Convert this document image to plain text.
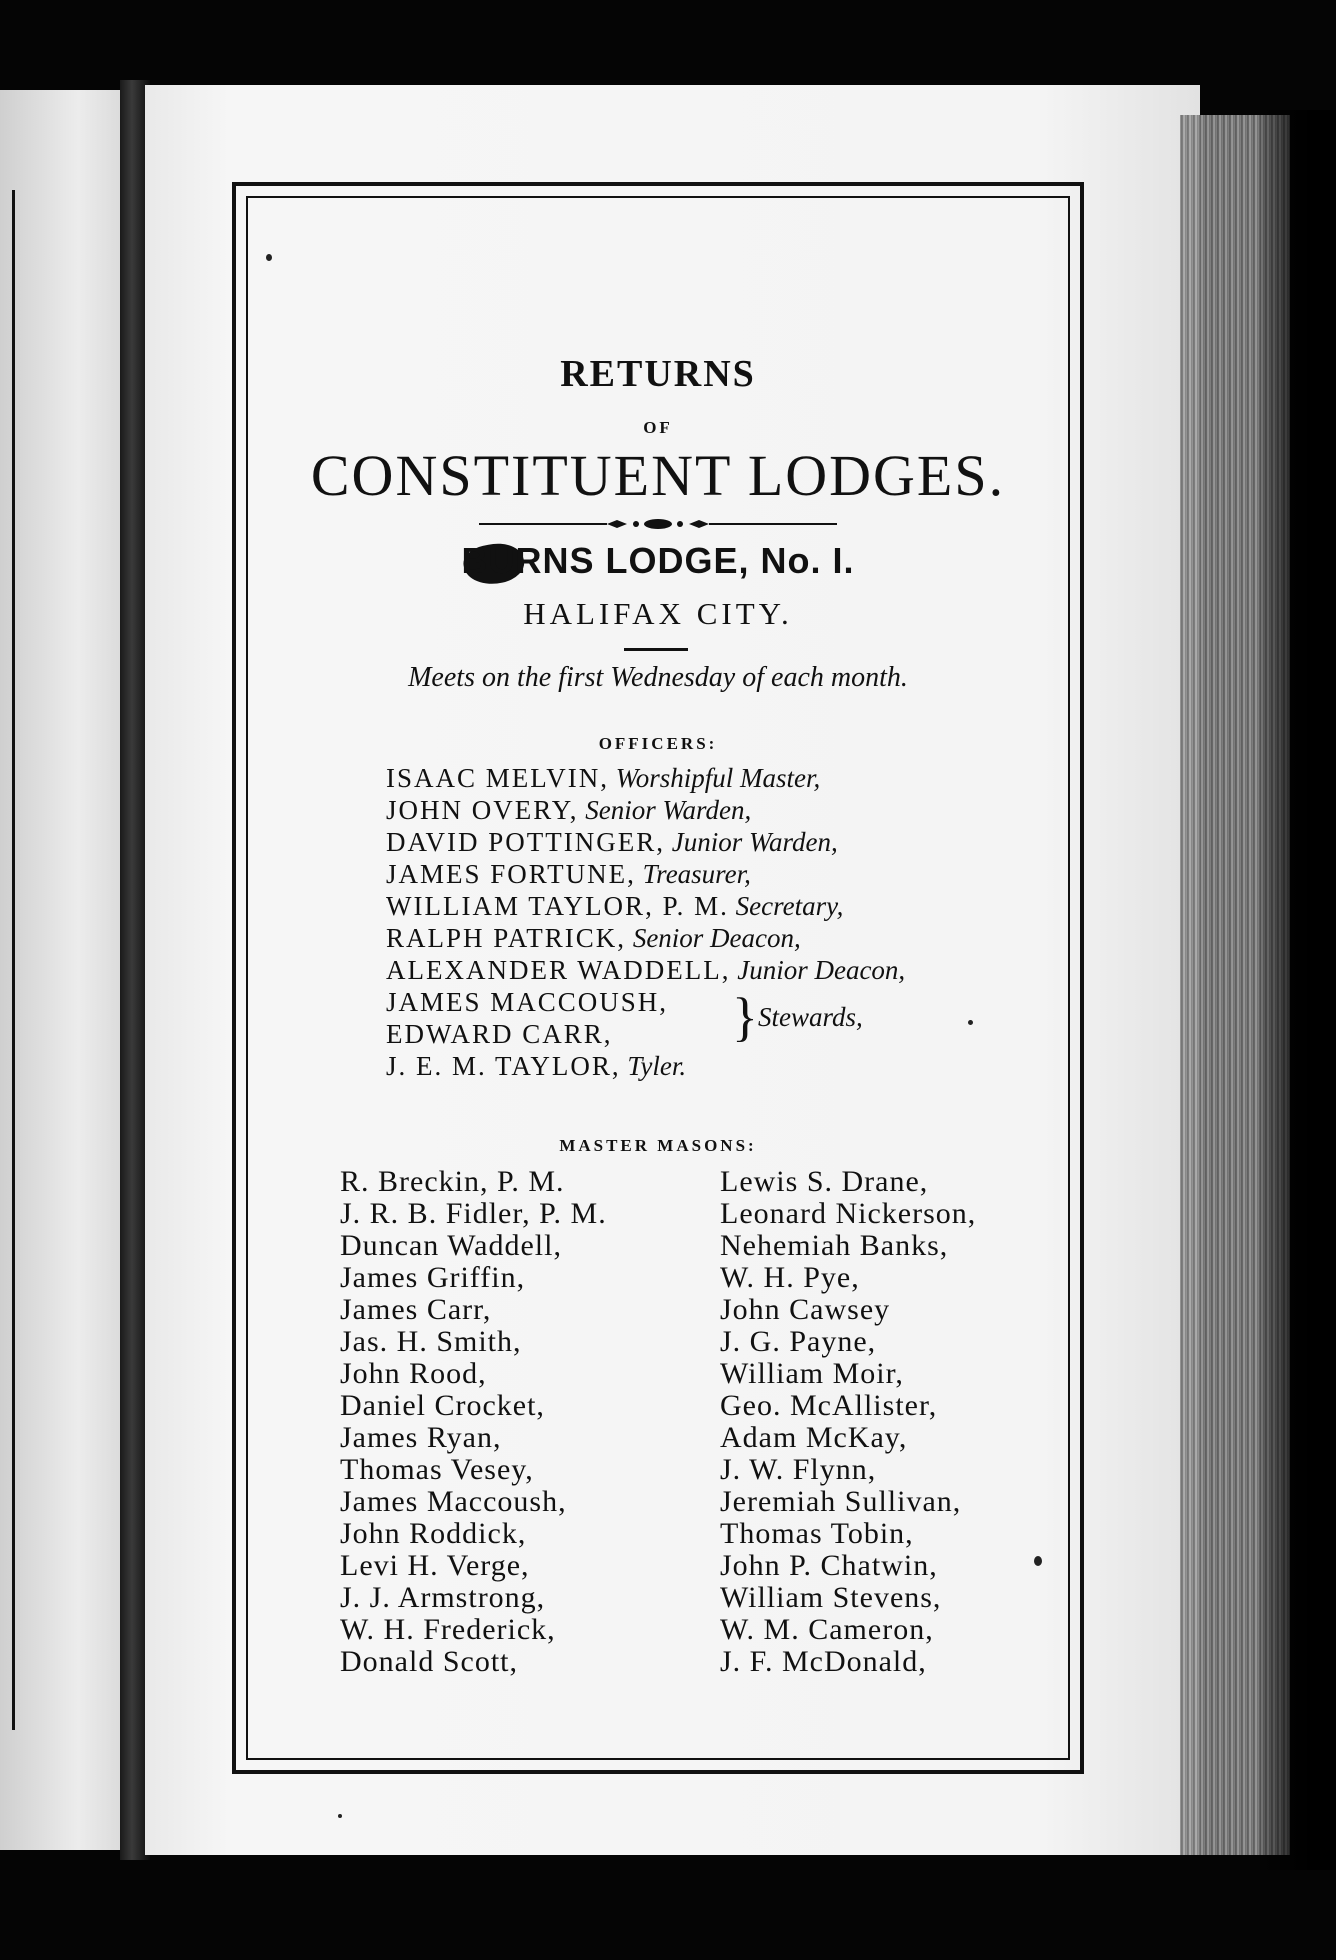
RETURNS
OF
CONSTITUENT LODGES.
BURNS LODGE, No. I.
HALIFAX CITY.
Meets on the first Wednesday of each month.
OFFICERS:
ISAAC MELVIN, Worshipful Master,
JOHN OVERY, Senior Warden,
DAVID POTTINGER, Junior Warden,
JAMES FORTUNE, Treasurer,
WILLIAM TAYLOR, P. M. Secretary,
RALPH PATRICK, Senior Deacon,
ALEXANDER WADDELL, Junior Deacon,
JAMES MACCOUSH,
EDWARD CARR, } Stewards,
J. E. M. TAYLOR, Tyler.
MASTER MASONS:
R. Breckin, P. M.
J. R. B. Fidler, P. M.
Duncan Waddell,
James Griffin,
James Carr,
Jas. H. Smith,
John Rood,
Daniel Crocket,
James Ryan,
Thomas Vesey,
James Maccoush,
John Roddick,
Levi H. Verge,
J. J. Armstrong,
W. H. Frederick,
Donald Scott,
Lewis S. Drane,
Leonard Nickerson,
Nehemiah Banks,
W. H. Pye,
John Cawsey
J. G. Payne,
William Moir,
Geo. McAllister,
Adam McKay,
J. W. Flynn,
Jeremiah Sullivan,
Thomas Tobin,
John P. Chatwin,
William Stevens,
W. M. Cameron,
J. F. McDonald,
